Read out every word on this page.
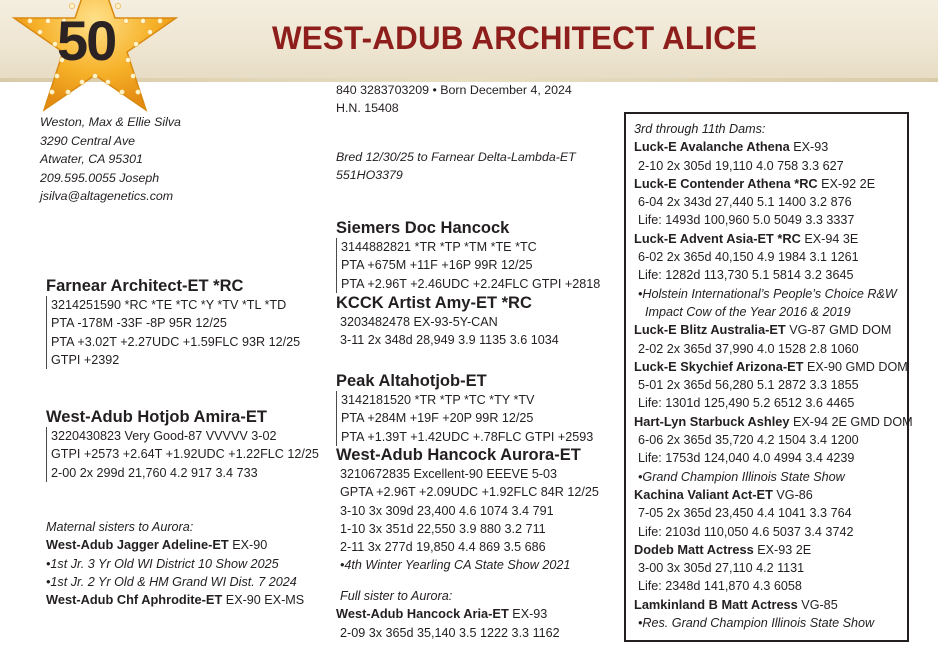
50	WEST-ADUB ARCHITECT ALICE
Weston, Max & Ellie Silva
3290 Central Ave
Atwater, CA 95301
209.595.0055 Joseph
jsilva@altagenetics.com
840 3283703209 • Born December 4, 2024
H.N. 15408
Bred 12/30/25 to Farnear Delta-Lambda-ET
551HO3379
Farnear Architect-ET *RC
3214251590 *RC *TE *TC *Y *TV *TL *TD
PTA -178M -33F -8P 95R 12/25
PTA +3.02T +2.27UDC +1.59FLC 93R 12/25
GTPI +2392
West-Adub Hotjob Amira-ET
3220430823 Very Good-87 VVVVV 3-02
GTPI +2573 +2.64T +1.92UDC +1.22FLC 12/25
2-00 2x 299d 21,760 4.2 917 3.4 733
Maternal sisters to Aurora:
West-Adub Jagger Adeline-ET EX-90
•1st Jr. 3 Yr Old WI District 10 Show 2025
•1st Jr. 2 Yr Old & HM Grand WI Dist. 7 2024
West-Adub Chf Aphrodite-ET EX-90 EX-MS
Siemers Doc Hancock
3144882821 *TR *TP *TM *TE *TC
PTA +675M +11F +16P 99R 12/25
PTA +2.96T +2.46UDC +2.24FLC GTPI +2818
KCCK Artist Amy-ET *RC
3203482478 EX-93-5Y-CAN
3-11 2x 348d 28,949 3.9 1135 3.6 1034
Peak Altahotjob-ET
3142181520 *TR *TP *TC *TY *TV
PTA +284M +19F +20P 99R 12/25
PTA +1.39T +1.42UDC +.78FLC GTPI +2593
West-Adub Hancock Aurora-ET
3210672835 Excellent-90 EEEVE 5-03
GPTA +2.96T +2.09UDC +1.92FLC 84R 12/25
3-10 3x 309d 23,400 4.6 1074 3.4 791
1-10 3x 351d 22,550 3.9 880 3.2 711
2-11 3x 277d 19,850 4.4 869 3.5 686
•4th Winter Yearling CA State Show 2021
Full sister to Aurora:
West-Adub Hancock Aria-ET EX-93
2-09 3x 365d 35,140 3.5 1222 3.3 1162
3rd through 11th Dams:
Luck-E Avalanche Athena EX-93
2-10 2x 305d 19,110 4.0 758 3.3 627
Luck-E Contender Athena *RC EX-92 2E
6-04 2x 343d 27,440 5.1 1400 3.2 876
Life: 1493d 100,960 5.0 5049 3.3 3337
Luck-E Advent Asia-ET *RC EX-94 3E
6-02 2x 365d 40,150 4.9 1984 3.1 1261
Life: 1282d 113,730 5.1 5814 3.2 3645
•Holstein International’s People’s Choice R&W
Impact Cow of the Year 2016 & 2019
Luck-E Blitz Australia-ET VG-87 GMD DOM
2-02 2x 365d 37,990 4.0 1528 2.8 1060
Luck-E Skychief Arizona-ET EX-90 GMD DOM
5-01 2x 365d 56,280 5.1 2872 3.3 1855
Life: 1301d 125,490 5.2 6512 3.6 4465
Hart-Lyn Starbuck Ashley EX-94 2E GMD DOM
6-06 2x 365d 35,720 4.2 1504 3.4 1200
Life: 1753d 124,040 4.0 4994 3.4 4239
•Grand Champion Illinois State Show
Kachina Valiant Act-ET VG-86
7-05 2x 365d 23,450 4.4 1041 3.3 764
Life: 2103d 110,050 4.6 5037 3.4 3742
Dodeb Matt Actress EX-93 2E
3-00 3x 305d 27,110 4.2 1131
Life: 2348d 141,870 4.3 6058
Lamkinland B Matt Actress VG-85
•Res. Grand Champion Illinois State Show
